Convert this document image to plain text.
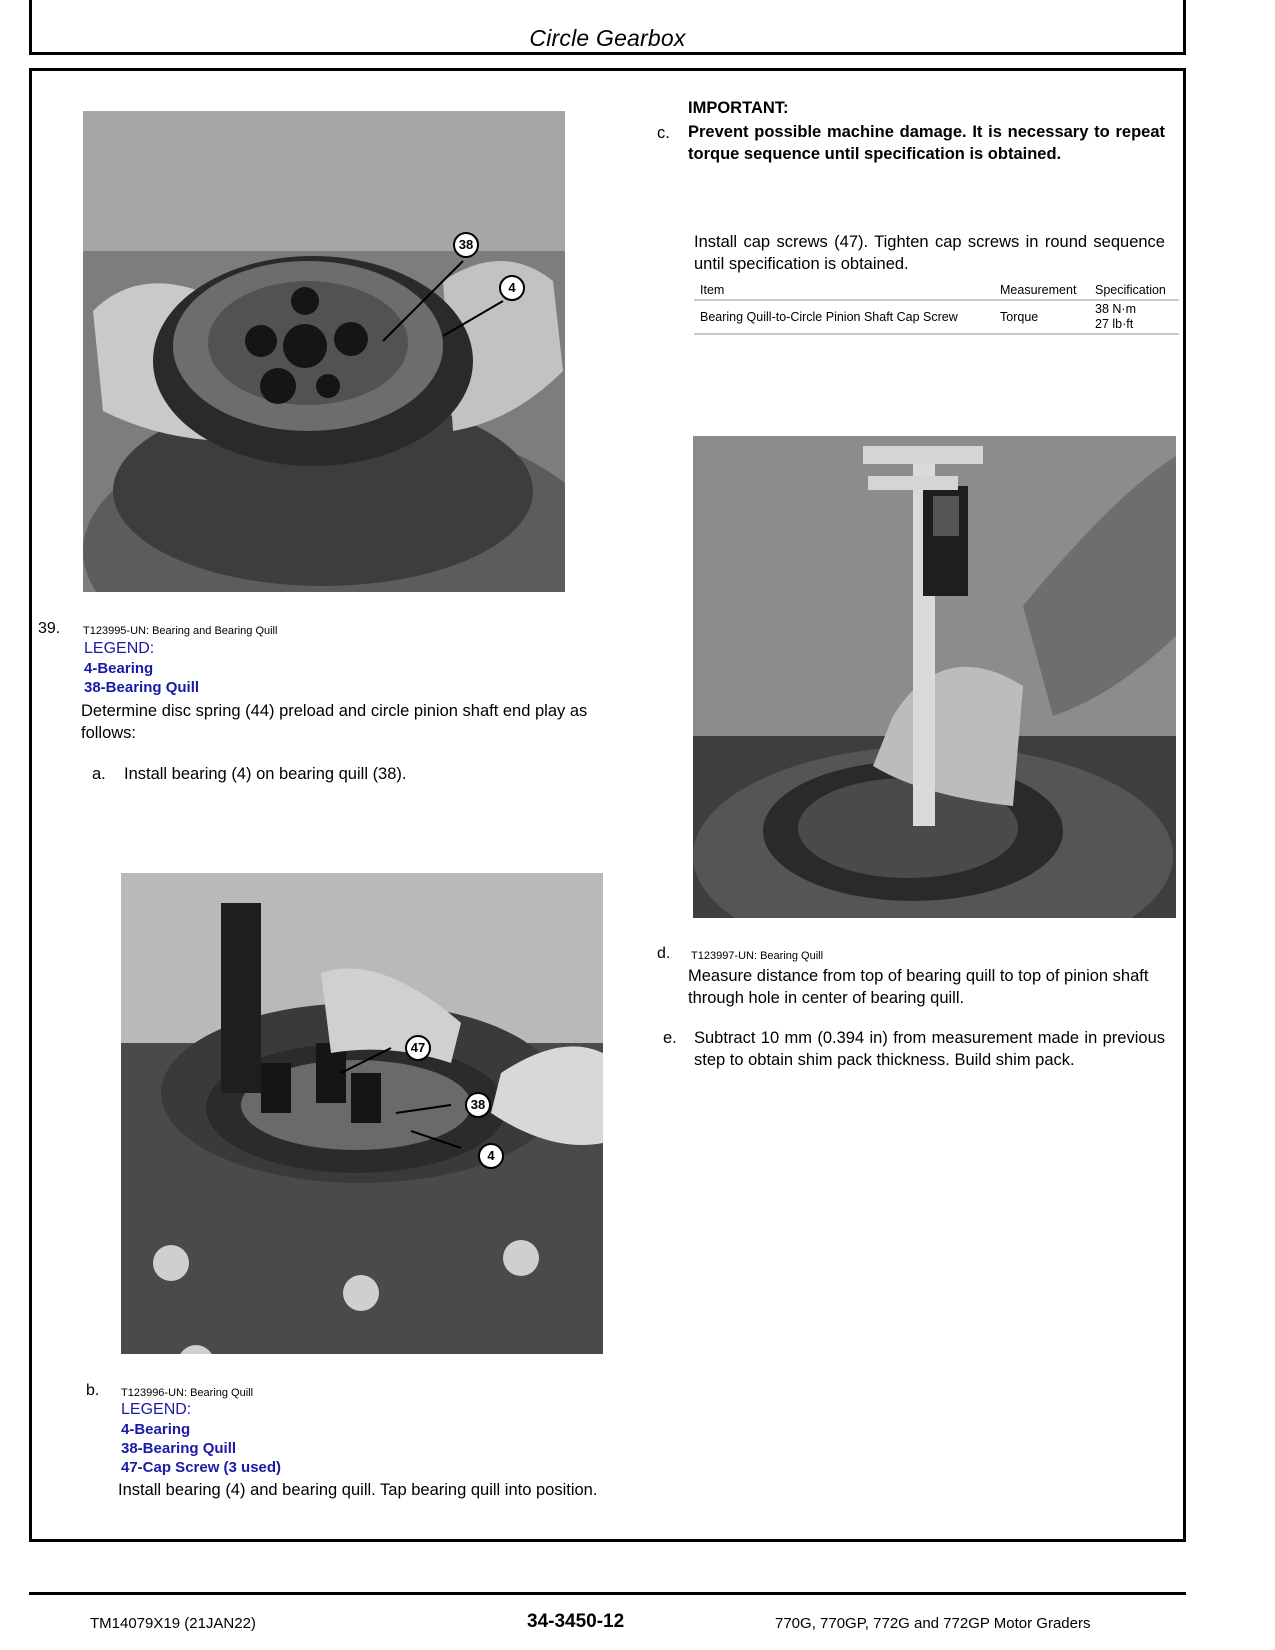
Circle Gearbox
38
4
39. T123995-UN: Bearing and Bearing Quill
LEGEND:
4-Bearing
38-Bearing Quill
Determine disc spring (44) preload and circle pinion shaft end play as follows:
a. Install bearing (4) on bearing quill (38).
47
38
4
b. T123996-UN: Bearing Quill
LEGEND:
4-Bearing
38-Bearing Quill
47-Cap Screw (3 used)
Install bearing (4) and bearing quill. Tap bearing quill into position.
IMPORTANT:
c. Prevent possible machine damage. It is necessary to repeat torque sequence until specification is obtained.
Install cap screws (47). Tighten cap screws in round sequence until specification is obtained.
Item	Measurement	Specification
Bearing Quill-to-Circle Pinion Shaft Cap Screw	Torque	38 N·m
27 lb·ft
d. T123997-UN: Bearing Quill
Measure distance from top of bearing quill to top of pinion shaft through hole in center of bearing quill.
e. Subtract 10 mm (0.394 in) from measurement made in previous step to obtain shim pack thickness. Build shim pack.
TM14079X19 (21JAN22)	34-3450-12	770G, 770GP, 772G and 772GP Motor Graders
